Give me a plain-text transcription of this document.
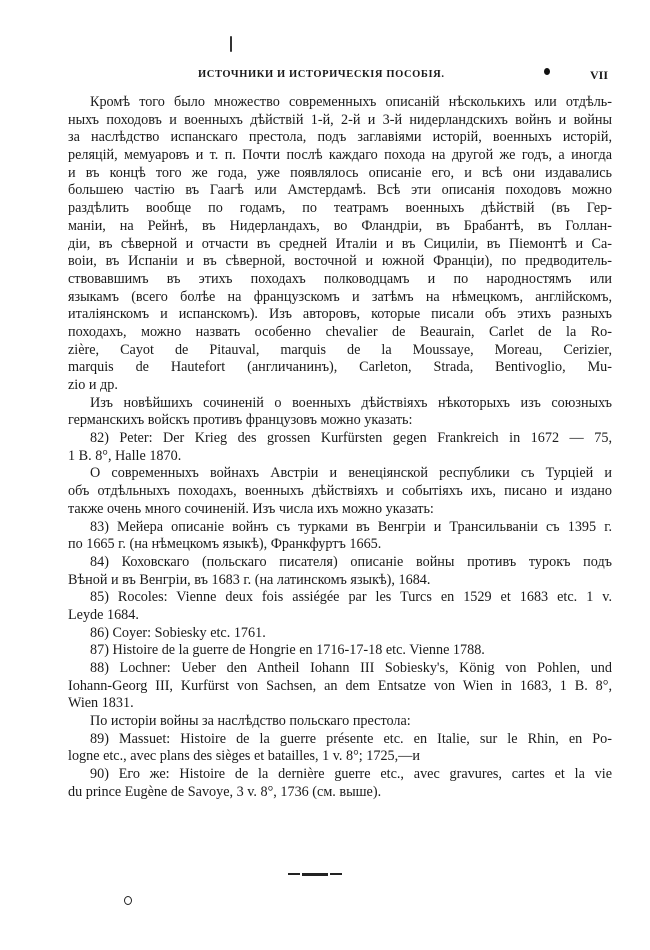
ИСТОЧНИКИ И ИСТОРИЧЕСКІЯ ПОСОБІЯ.	VII
Кромѣ того было множество современныхъ описаній нѣсколькихъ или отдѣль-
ныхъ походовъ и военныхъ дѣйствій 1-й, 2-й и 3-й нидерландскихъ войнъ и войны
за наслѣдство испанскаго престола, подъ заглавіями исторій, военныхъ исторій,
реляцій, мемуаровъ и т. п. Почти послѣ каждаго похода на другой же годъ, а иногда
и въ концѣ того же года, уже появлялось описаніе его, и всѣ они издавались
большею частію въ Гаагѣ или Амстердамѣ. Всѣ эти описанія походовъ можно
раздѣлить вообще по годамъ, по театрамъ военныхъ дѣйствій (въ Гер-
маніи, на Рейнѣ, въ Нидерландахъ, во Фландріи, въ Брабантѣ, въ Голлан-
діи, въ сѣверной и отчасти въ средней Италіи и въ Сициліи, въ Піемонтѣ и Са-
воіи, въ Испаніи и въ сѣверной, восточной и южной Франціи), по предводитель-
ствовавшимъ въ этихъ походахъ полководцамъ и по народностямъ или
языкамъ (всего болѣе на французскомъ и затѣмъ на нѣмецкомъ, англійскомъ,
италіянскомъ и испанскомъ). Изъ авторовъ, которые писали объ этихъ разныхъ
походахъ, можно назвать особенно chevalier de Beaurain, Carlet de la Ro-
zière, Cayot de Pitauval, marquis de la Moussaye, Moreau, Cerizier,
marquis de Hautefort (англичанинъ), Carleton, Strada, Bentivoglio, Mu-
zio и др.
Изъ новѣйшихъ сочиненій о военныхъ дѣйствіяхъ нѣкоторыхъ изъ союзныхъ
германскихъ войскъ противъ французовъ можно указать:
82) Peter: Der Krieg des grossen Kurfürsten gegen Frankreich in 1672 — 75,
1 B. 8°, Halle 1870.
О современныхъ войнахъ Австріи и венеціянской республики съ Турціей и
объ отдѣльныхъ походахъ, военныхъ дѣйствіяхъ и событіяхъ ихъ, писано и издано
также очень много сочиненій. Изъ числа ихъ можно указать:
83) Мейера описаніе войнъ съ турками въ Венгріи и Трансильваніи съ 1395 г.
по 1665 г. (на нѣмецкомъ языкѣ), Франкфуртъ 1665.
84) Коховскаго (польскаго писателя) описаніе войны противъ турокъ подъ
Вѣной и въ Венгріи, въ 1683 г. (на латинскомъ языкѣ), 1684.
85) Rocoles: Vienne deux fois assiégée par les Turcs en 1529 et 1683 etc. 1 v.
Leyde 1684.
86) Coyer: Sobiesky etc. 1761.
87) Histoire de la guerre de Hongrie en 1716-17-18 etc. Vienne 1788.
88) Lochner: Ueber den Antheil Iohann III Sobiesky's, König von Pohlen, und
Iohann-Georg III, Kurfürst von Sachsen, an dem Entsatze von Wien in 1683, 1 B. 8°,
Wien 1831.
По исторіи войны за наслѣдство польскаго престола:
89) Massuet: Histoire de la guerre présente etc. en Italie, sur le Rhin, en Po-
logne etc., avec plans des sièges et batailles, 1 v. 8°; 1725,—и
90) Его же: Histoire de la dernière guerre etc., avec gravures, cartes et la vie
du prince Eugène de Savoye, 3 v. 8°, 1736 (см. выше).
